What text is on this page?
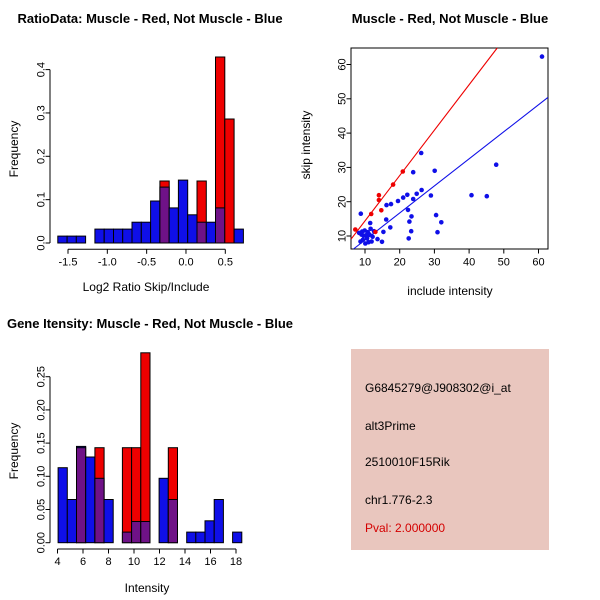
-1.5 -1.0 -0.5 0.0 0.5
0.0
0.1
0.2
0.3
0.4
10 20 30 40 50 60
10
20
30
40
50
60
4 6 8 10 12 14 16 18
0.00
0.05
0.10
0.15
0.20
0.25
RatioData: Muscle - Red, Not Muscle - Blue	Muscle - Red, Not Muscle - Blue
Gene Itensity: Muscle - Red, Not Muscle - Blue
Log2 Ratio Skip/Include
Frequency
include intensity
skip intensity
Intensity
Frequency
G6845279@J908302@i_at
alt3Prime
2510010F15Rik
chr1.776-2.3
Pval: 2.000000
